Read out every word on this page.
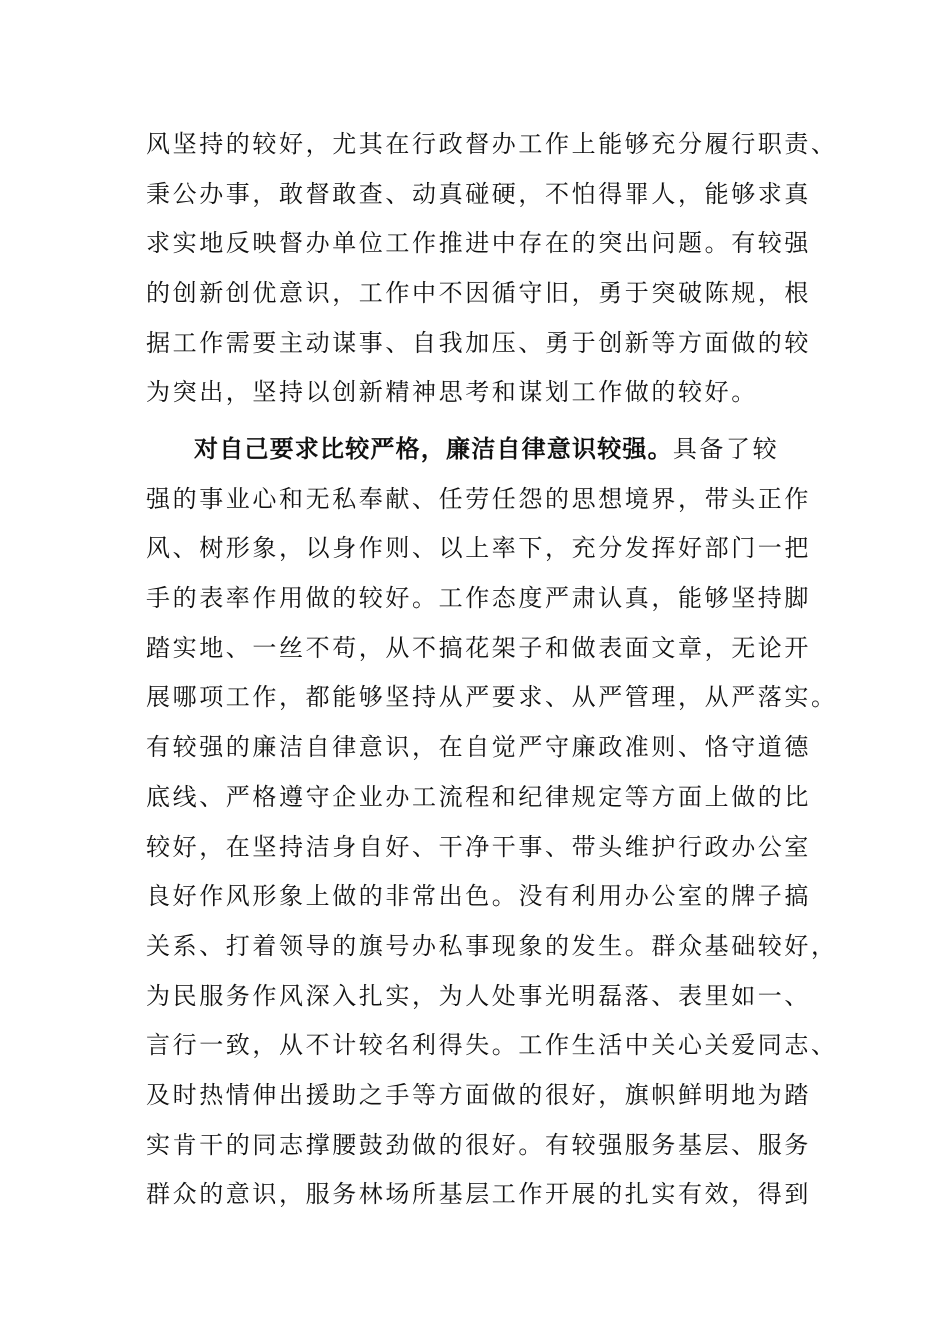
风坚持的较好，尤其在行政督办工作上能够充分履行职责、
秉公办事，敢督敢查、动真碰硬，不怕得罪人，能够求真
求实地反映督办单位工作推进中存在的突出问题。有较强
的创新创优意识，工作中不因循守旧，勇于突破陈规，根
据工作需要主动谋事、自我加压、勇于创新等方面做的较
为突出，坚持以创新精神思考和谋划工作做的较好。
对自己要求比较严格，廉洁自律意识较强。具备了较
强的事业心和无私奉献、任劳任怨的思想境界，带头正作
风、树形象，以身作则、以上率下，充分发挥好部门一把
手的表率作用做的较好。工作态度严肃认真，能够坚持脚
踏实地、一丝不苟，从不搞花架子和做表面文章，无论开
展哪项工作，都能够坚持从严要求、从严管理，从严落实。
有较强的廉洁自律意识，在自觉严守廉政准则、恪守道德
底线、严格遵守企业办工流程和纪律规定等方面上做的比
较好，在坚持洁身自好、干净干事、带头维护行政办公室
良好作风形象上做的非常出色。没有利用办公室的牌子搞
关系、打着领导的旗号办私事现象的发生。群众基础较好，
为民服务作风深入扎实，为人处事光明磊落、表里如一、
言行一致，从不计较名利得失。工作生活中关心关爱同志、
及时热情伸出援助之手等方面做的很好，旗帜鲜明地为踏
实肯干的同志撑腰鼓劲做的很好。有较强服务基层、服务
群众的意识，服务林场所基层工作开展的扎实有效，得到
